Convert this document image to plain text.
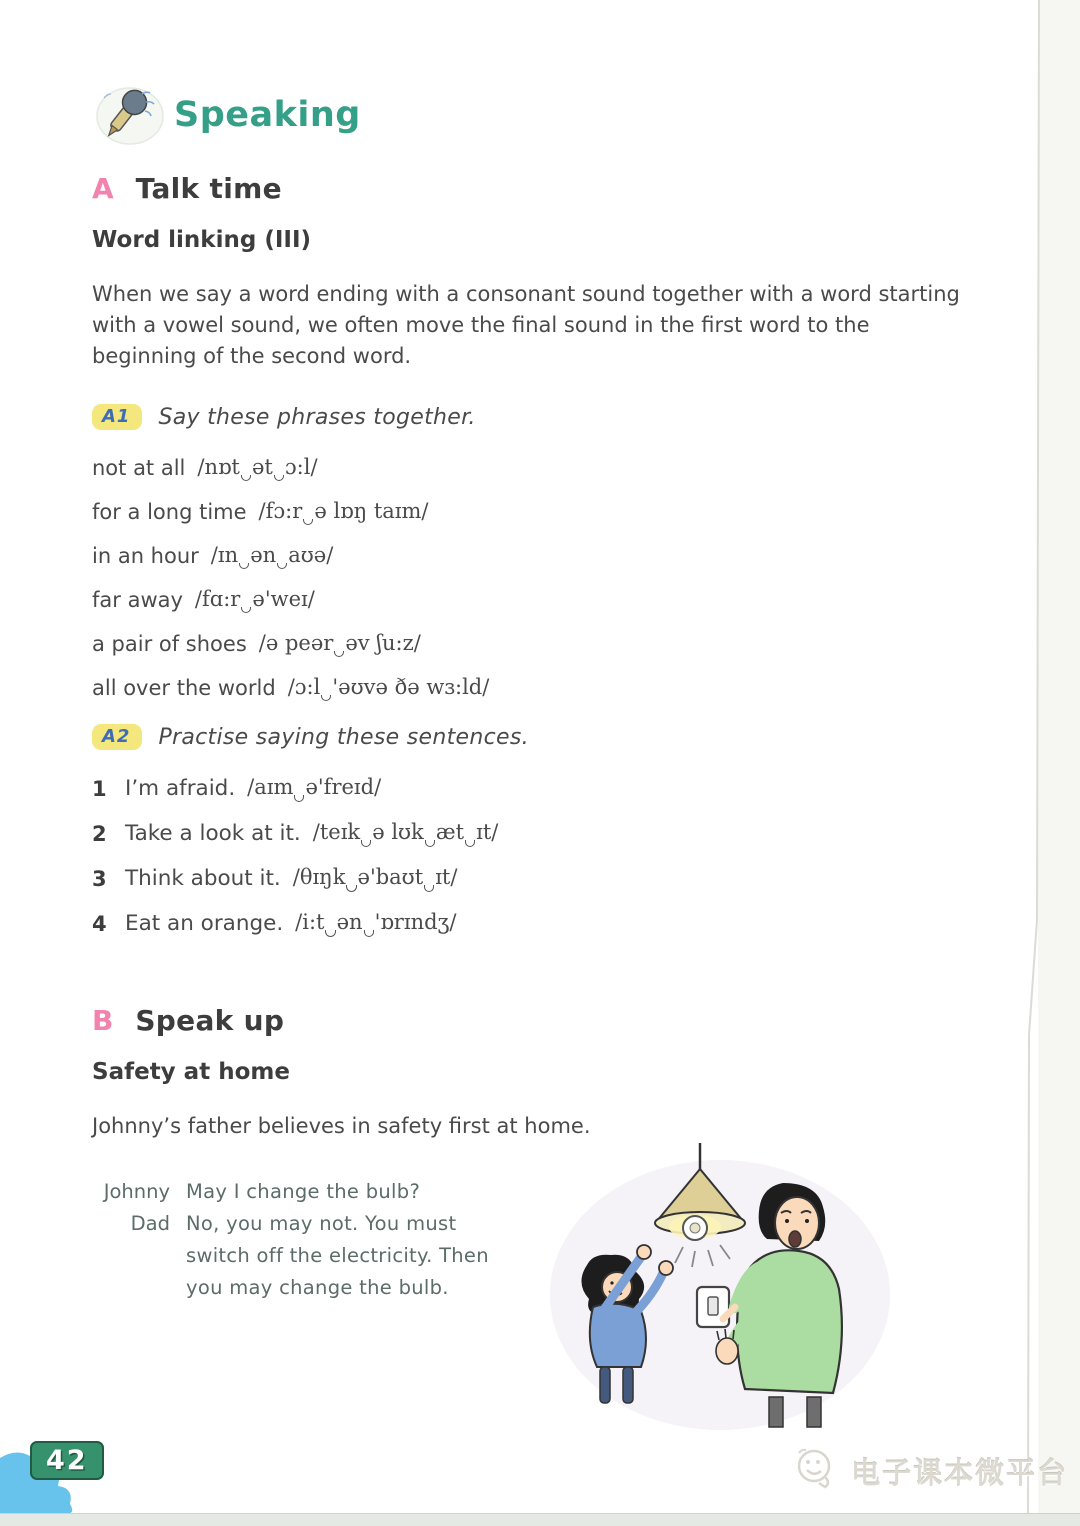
Speaking
A Talk time
Word linking (III)

When we say a word ending with a consonant sound together with a word starting with a vowel sound, we often move the final sound in the first word to the beginning of the second word.

A1	Say these phrases together.
not at all /nɒt ət ɔ:l/
for a long time /fɔ:r ə lɒŋ taɪm/
in an hour /ɪn ən aʊə/
far away /fɑ:r ə'weɪ/
a pair of shoes /ə peər əv ʃu:z/
all over the world /ɔ:l 'əʊvə ðə wɜ:ld/
A2	Practise saying these sentences.
1 I’m afraid. /aɪm ə'freɪd/
2 Take a look at it. /teɪk ə lʊk æt ɪt/
3 Think about it. /θɪŋk ə'baʊt ɪt/
4 Eat an orange. /i:t ən 'ɒrɪndʒ/
B Speak up
Safety at home

Johnny’s father believes in safety first at home.

Johnny May I change the bulb?
Dad No, you may not. You must
switch off the electricity. Then
you may change the bulb.
42	电子课本微平台
